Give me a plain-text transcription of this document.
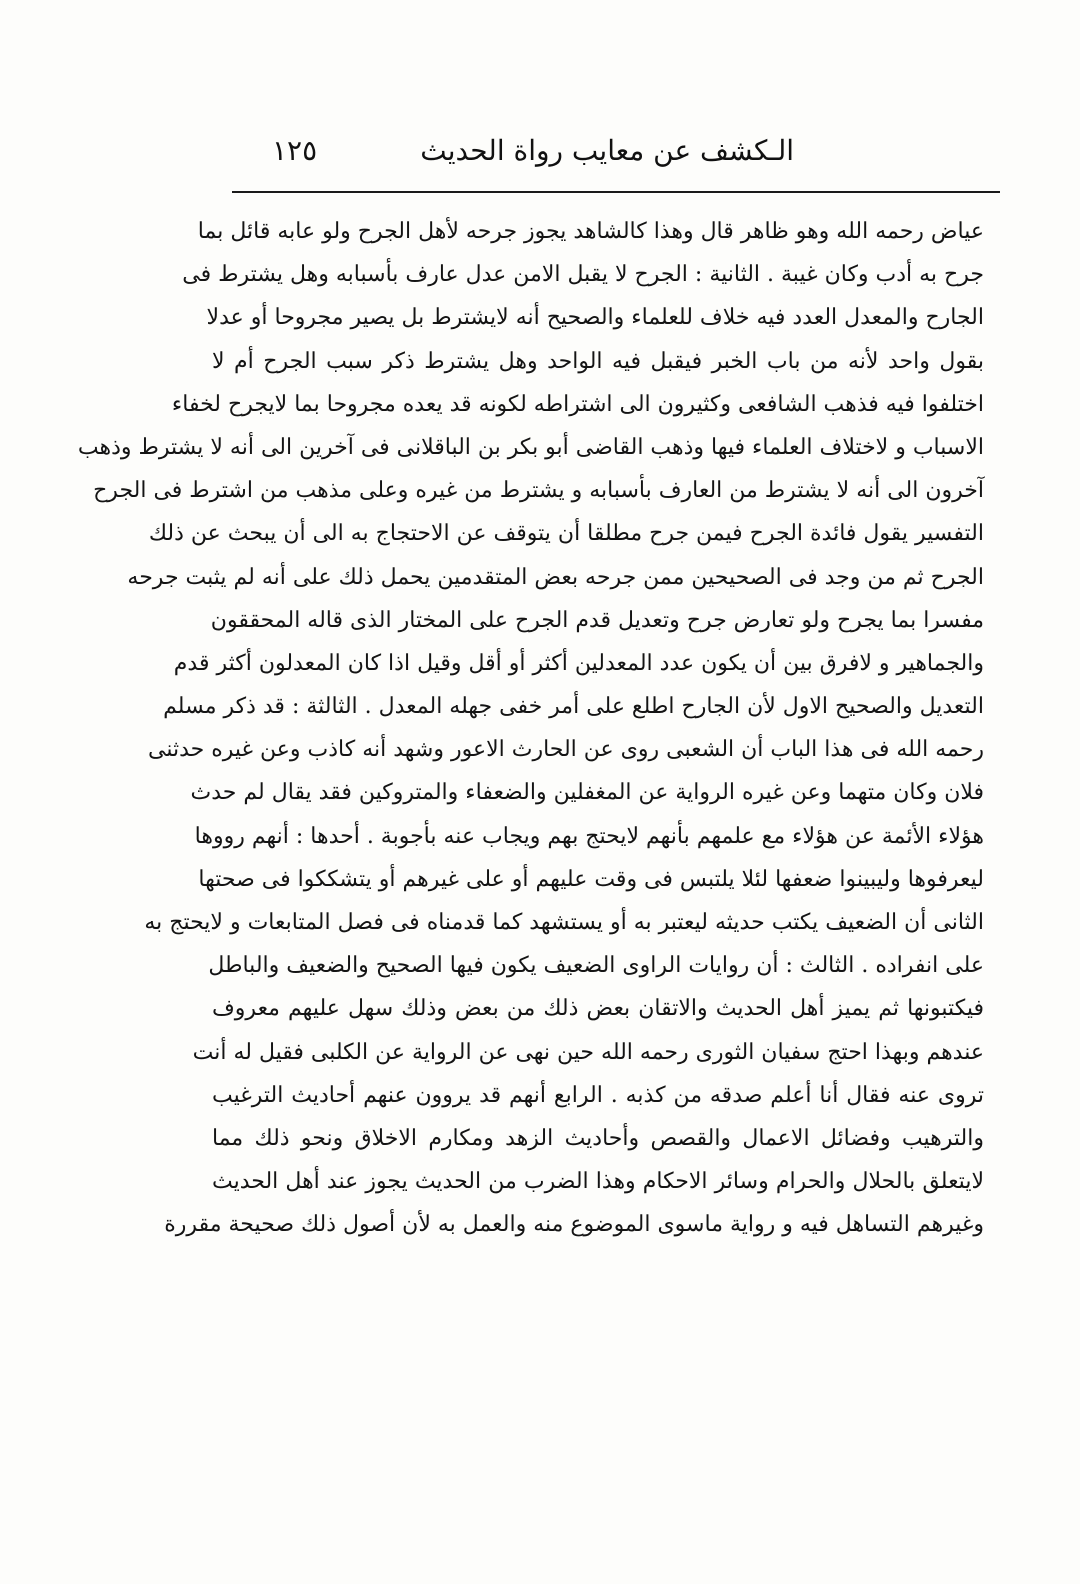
الـكشف عن معايب رواة الحديث
١٢٥
عياض رحمه الله وهو ظاهر قال وهذا كالشاهد يجوز جرحه لأهل الجرح ولو عابه قائل بما
جرح به أدب وكان غيبة . الثانية : الجرح لا يقبل الامن عدل عارف بأسبابه وهل يشترط فى
الجارح والمعدل العدد فيه خلاف للعلماء والصحيح أنه لايشترط بل يصير مجروحا أو عدلا
بقول واحد لأنه من باب الخبر فيقبل فيه الواحد وهل يشترط ذكر سبب الجرح أم لا
اختلفوا فيه فذهب الشافعى وكثيرون الى اشتراطه لكونه قد يعده مجروحا بما لايجرح لخفاء
الاسباب و لاختلاف العلماء فيها وذهب القاضى أبو بكر بن الباقلانى فى آخرين الى أنه لا يشترط وذهب
آخرون الى أنه لا يشترط من العارف بأسبابه و يشترط من غيره وعلى مذهب من اشترط فى الجرح
التفسير يقول فائدة الجرح فيمن جرح مطلقا أن يتوقف عن الاحتجاج به الى أن يبحث عن ذلك
الجرح ثم من وجد فى الصحيحين ممن جرحه بعض المتقدمين يحمل ذلك على أنه لم يثبت جرحه
مفسرا بما يجرح ولو تعارض جرح وتعديل قدم الجرح على المختار الذى قاله المحققون
والجماهير و لافرق بين أن يكون عدد المعدلين أكثر أو أقل وقيل اذا كان المعدلون أكثر قدم
التعديل والصحيح الاول لأن الجارح اطلع على أمر خفى جهله المعدل . الثالثة : قد ذكر مسلم
رحمه الله فى هذا الباب أن الشعبى روى عن الحارث الاعور وشهد أنه كاذب وعن غيره حدثنى
فلان وكان متهما وعن غيره الرواية عن المغفلين والضعفاء والمتروكين فقد يقال لم حدث
هؤلاء الأئمة عن هؤلاء مع علمهم بأنهم لايحتج بهم ويجاب عنه بأجوبة . أحدها : أنهم رووها
ليعرفوها وليبينوا ضعفها لئلا يلتبس فى وقت عليهم أو على غيرهم أو يتشككوا فى صحتها
الثانى أن الضعيف يكتب حديثه ليعتبر به أو يستشهد كما قدمناه فى فصل المتابعات و لايحتج به
على انفراده . الثالث : أن روايات الراوى الضعيف يكون فيها الصحيح والضعيف والباطل
فيكتبونها ثم يميز أهل الحديث والاتقان بعض ذلك من بعض وذلك سهل عليهم معروف
عندهم وبهذا احتج سفيان الثورى رحمه الله حين نهى عن الرواية عن الكلبى فقيل له أنت
تروى عنه فقال أنا أعلم صدقه من كذبه . الرابع أنهم قد يروون عنهم أحاديث الترغيب
والترهيب وفضائل الاعمال والقصص وأحاديث الزهد ومكارم الاخلاق ونحو ذلك مما
لايتعلق بالحلال والحرام وسائر الاحكام وهذا الضرب من الحديث يجوز عند أهل الحديث
وغيرهم التساهل فيه و رواية ماسوى الموضوع منه والعمل به لأن أصول ذلك صحيحة مقررة
